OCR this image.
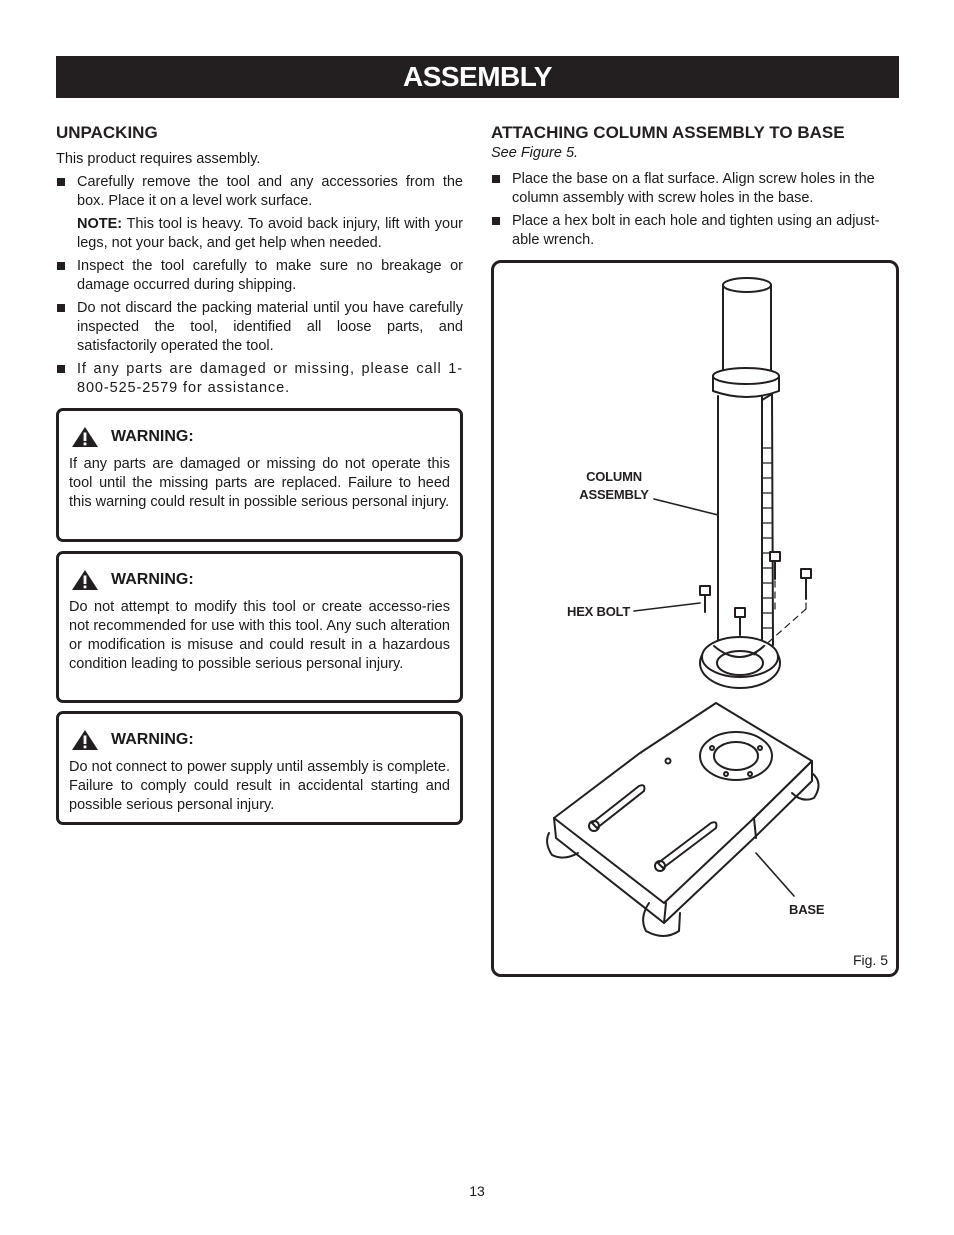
ASSEMBLY
UNPACKING

This product requires assembly.

Carefully remove the tool and any accessories from the box. Place it on a level work surface.
NOTE: This tool is heavy. To avoid back injury, lift with your legs, not your back, and get help when needed.
Inspect the tool carefully to make sure no breakage or damage occurred during shipping.
Do not discard the packing material until you have carefully inspected the tool, identified all loose parts, and satisfactorily operated the tool.
If any parts are damaged or missing, please call 1-800-525-2579 for assistance.
WARNING:

If any parts are damaged or missing do not operate this tool until the missing parts are replaced. Failure to heed this warning could result in possible serious personal injury.

WARNING:

Do not attempt to modify this tool or create accesso-ries not recommended for use with this tool. Any such alteration or modification is misuse and could result in a hazardous condition leading to possible serious personal injury.

WARNING:

Do not connect to power supply until assembly is complete. Failure to comply could result in accidental starting and possible serious personal injury.

ATTACHING COLUMN ASSEMBLY TO BASE

See Figure 5.

Place the base on a flat surface. Align screw holes in the column assembly with screw holes in the base.
Place a hex bolt in each hole and tighten using an adjust-able wrench.
COLUMN
ASSEMBLY
HEX BOLT
BASE
Fig. 5
13
